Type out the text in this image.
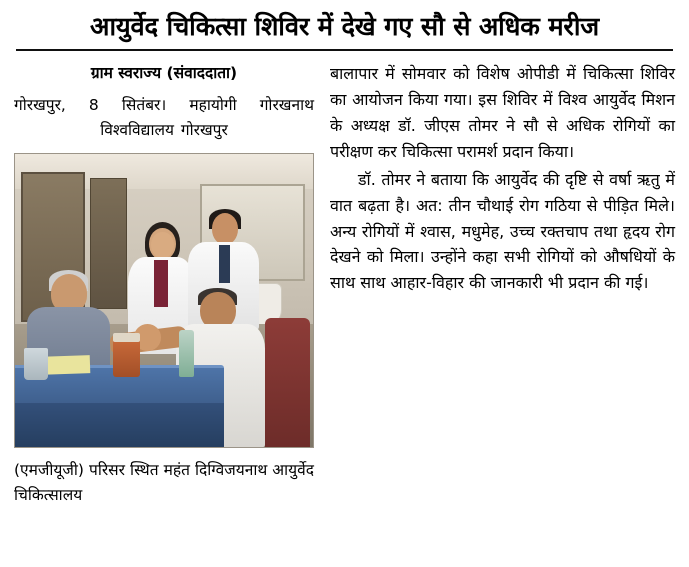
आयुर्वेद चिकित्सा शिविर में देखे गए सौ से अधिक मरीज
ग्राम स्वराज्य (संवाददाता)
गोरखपुर, 8 सितंबर। महायोगी गोरखनाथ विश्वविद्यालय गोरखपुर
(एमजीयूजी) परिसर स्थित महंत दिग्विजयनाथ आयुर्वेद चिकित्सालय

बालापार में सोमवार को विशेष ओपीडी में चिकित्सा शिविर का आयोजन किया गया। इस शिविर में विश्व आयुर्वेद मिशन के अध्यक्ष डॉ. जीएस तोमर ने सौ से अधिक रोगियों का परीक्षण कर चिकित्सा परामर्श प्रदान किया।

डॉ. तोमर ने बताया कि आयुर्वेद की दृष्टि से वर्षा ऋतु में वात बढ़ता है। अत: तीन चौथाई रोग गठिया से पीड़ित मिले। अन्य रोगियों में श्वास, मधुमेह, उच्च रक्तचाप तथा हृदय रोग देखने को मिला। उन्होंने कहा सभी रोगियों को औषधियों के साथ साथ आहार-विहार की जानकारी भी प्रदान की गई।
